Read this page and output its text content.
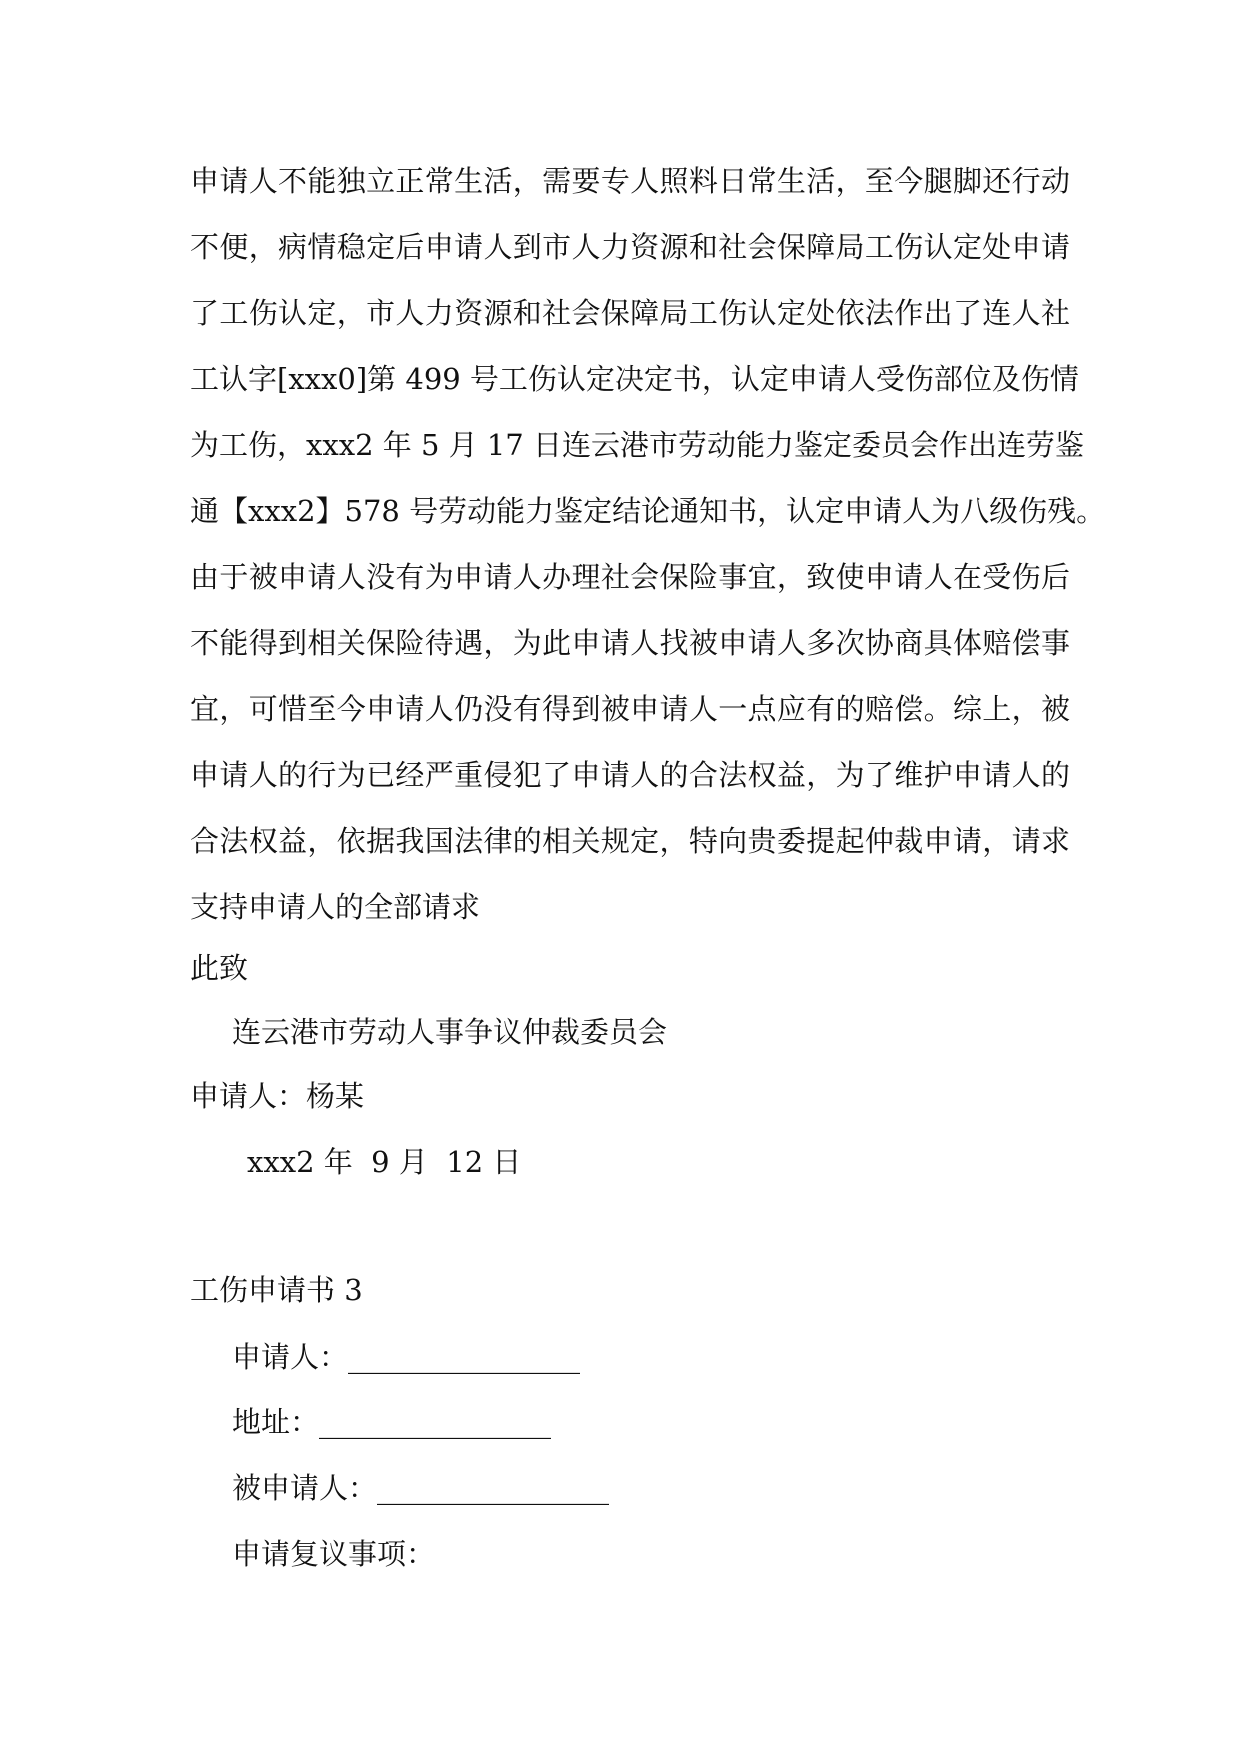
申请人不能独立正常生活，需要专人照料日常生活，至今腿脚还行动
不便，病情稳定后申请人到市人力资源和社会保障局工伤认定处申请
了工伤认定，市人力资源和社会保障局工伤认定处依法作出了连人社
工认字[xxx0]第 499 号工伤认定决定书，认定申请人受伤部位及伤情
为工伤，xxx2 年 5 月 17 日连云港市劳动能力鉴定委员会作出连劳鉴
通【xxx2】578 号劳动能力鉴定结论通知书，认定申请人为八级伤残。
由于被申请人没有为申请人办理社会保险事宜，致使申请人在受伤后
不能得到相关保险待遇，为此申请人找被申请人多次协商具体赔偿事
宜，可惜至今申请人仍没有得到被申请人一点应有的赔偿。综上，被
申请人的行为已经严重侵犯了申请人的合法权益，为了维护申请人的
合法权益，依据我国法律的相关规定，特向贵委提起仲裁申请，请求
支持申请人的全部请求

此致

连云港市劳动人事争议仲裁委员会

申请人：杨某

xxx2 年  9 月  12 日

工伤申请书 3

申请人：________________

地址：________________

被申请人：________________

申请复议事项：
